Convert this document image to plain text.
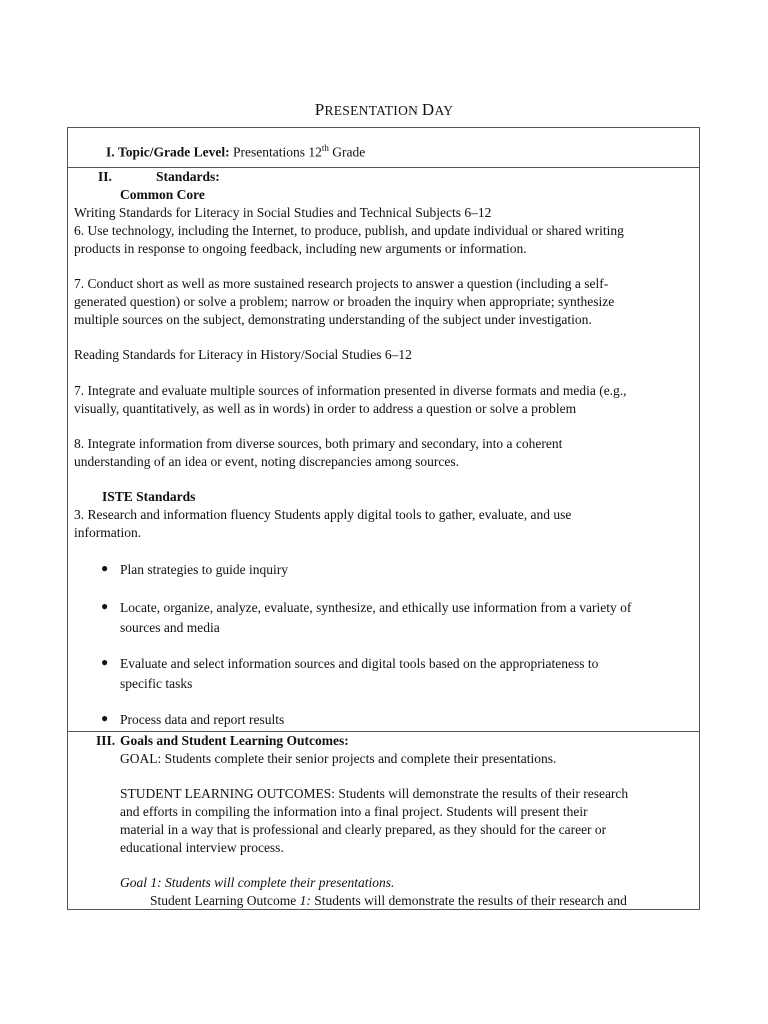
PRESENTATION DAY
I. Topic/Grade Level: Presentations 12th Grade
II.	Standards:
Common Core
Writing Standards for Literacy in Social Studies and Technical Subjects 6–12
6. Use technology, including the Internet, to produce, publish, and update individual or shared writing
products in response to ongoing feedback, including new arguments or information.
7. Conduct short as well as more sustained research projects to answer a question (including a self-
generated question) or solve a problem; narrow or broaden the inquiry when appropriate; synthesize
multiple sources on the subject, demonstrating understanding of the subject under investigation.
Reading Standards for Literacy in History/Social Studies 6–12
7. Integrate and evaluate multiple sources of information presented in diverse formats and media (e.g.,
visually, quantitatively, as well as in words) in order to address a question or solve a problem
8. Integrate information from diverse sources, both primary and secondary, into a coherent
understanding of an idea or event, noting discrepancies among sources.
ISTE Standards
3. Research and information fluency Students apply digital tools to gather, evaluate, and use
information.
● Plan strategies to guide inquiry
● Locate, organize, analyze, evaluate, synthesize, and ethically use information from a variety of
sources and media
● Evaluate and select information sources and digital tools based on the appropriateness to
specific tasks
● Process data and report results
III. Goals and Student Learning Outcomes:
GOAL: Students complete their senior projects and complete their presentations.
STUDENT LEARNING OUTCOMES: Students will demonstrate the results of their research
and efforts in compiling the information into a final project. Students will present their
material in a way that is professional and clearly prepared, as they should for the career or
educational interview process.
Goal 1: Students will complete their presentations.
Student Learning Outcome 1: Students will demonstrate the results of their research and
